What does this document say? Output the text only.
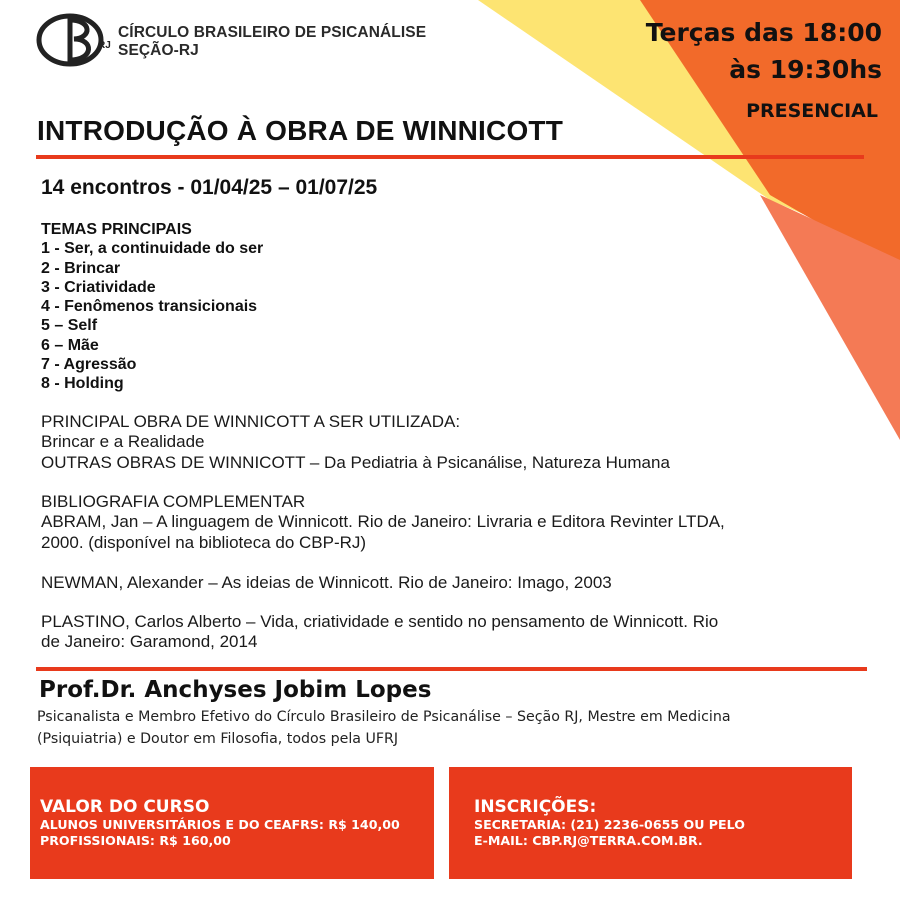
RJ
CÍRCULO BRASILEIRO DE PSICANÁLISE
SEÇÃO-RJ
Terças das 18:00
às 19:30hs
PRESENCIAL
INTRODUÇÃO À OBRA DE WINNICOTT
14 encontros - 01/04/25 – 01/07/25
TEMAS PRINCIPAIS
1 - Ser, a continuidade do ser
2 - Brincar
3 - Criatividade
4 - Fenômenos transicionais
5 – Self
6 – Mãe
7 - Agressão
8 - Holding
PRINCIPAL OBRA DE WINNICOTT A SER UTILIZADA:
Brincar e a Realidade
OUTRAS OBRAS DE WINNICOTT – Da Pediatria à Psicanálise, Natureza Humana
BIBLIOGRAFIA COMPLEMENTAR
ABRAM, Jan – A linguagem de Winnicott. Rio de Janeiro: Livraria e Editora Revinter LTDA,
2000. (disponível na biblioteca do CBP-RJ)
NEWMAN, Alexander – As ideias de Winnicott. Rio de Janeiro: Imago, 2003
PLASTINO, Carlos Alberto – Vida, criatividade e sentido no pensamento de Winnicott. Rio
de Janeiro: Garamond, 2014
Prof.Dr. Anchyses Jobim Lopes
Psicanalista e Membro Efetivo do Círculo Brasileiro de Psicanálise – Seção RJ, Mestre em Medicina
(Psiquiatria) e Doutor em Filosofia, todos pela UFRJ
VALOR DO CURSO
ALUNOS UNIVERSITÁRIOS E DO CEAFRS: R$ 140,00
PROFISSIONAIS: R$ 160,00
INSCRIÇÕES:
SECRETARIA: (21) 2236-0655 OU PELO
E-MAIL: CBP.RJ@TERRA.COM.BR.
